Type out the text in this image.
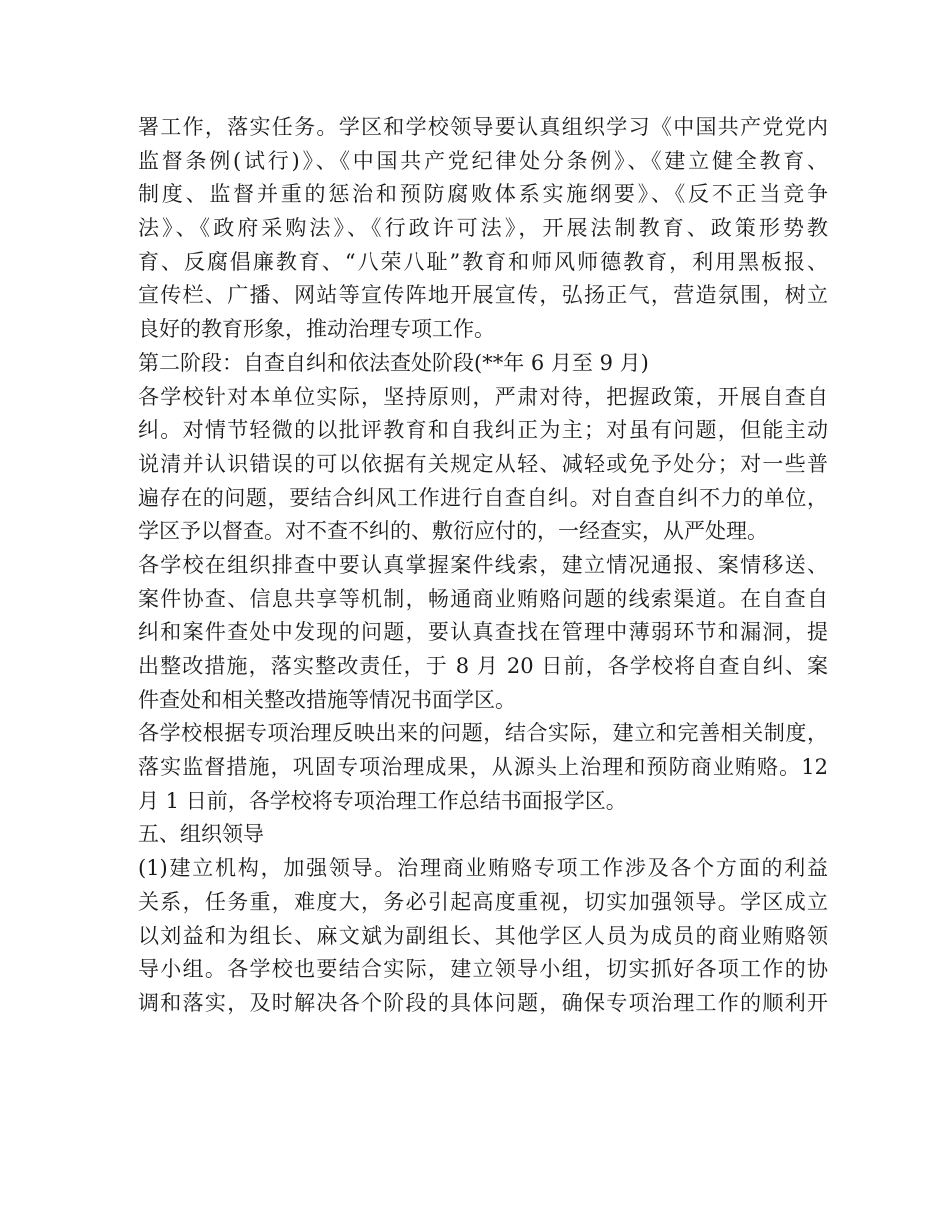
署工作，落实任务。学区和学校领导要认真组织学习《中国共产党党内
监督条例(试行)》、《中国共产党纪律处分条例》、《建立健全教育、
制度、监督并重的惩治和预防腐败体系实施纲要》、《反不正当竞争
法》、《政府采购法》、《行政许可法》，开展法制教育、政策形势教
育、反腐倡廉教育、“八荣八耻”教育和师风师德教育，利用黑板报、
宣传栏、广播、网站等宣传阵地开展宣传，弘扬正气，营造氛围，树立
良好的教育形象，推动治理专项工作。
第二阶段：自查自纠和依法查处阶段(**年 6 月至 9 月)
各学校针对本单位实际，坚持原则，严肃对待，把握政策，开展自查自
纠。对情节轻微的以批评教育和自我纠正为主；对虽有问题，但能主动
说清并认识错误的可以依据有关规定从轻、减轻或免予处分；对一些普
遍存在的问题，要结合纠风工作进行自查自纠。对自查自纠不力的单位，
学区予以督查。对不查不纠的、敷衍应付的，一经查实，从严处理。
各学校在组织排查中要认真掌握案件线索，建立情况通报、案情移送、
案件协查、信息共享等机制，畅通商业贿赂问题的线索渠道。在自查自
纠和案件查处中发现的问题，要认真查找在管理中薄弱环节和漏洞，提
出整改措施，落实整改责任，于 8 月 20 日前，各学校将自查自纠、案
件查处和相关整改措施等情况书面学区。
各学校根据专项治理反映出来的问题，结合实际，建立和完善相关制度，
落实监督措施，巩固专项治理成果，从源头上治理和预防商业贿赂。12
月 1 日前，各学校将专项治理工作总结书面报学区。
五、组织领导
(1)建立机构，加强领导。治理商业贿赂专项工作涉及各个方面的利益
关系，任务重，难度大，务必引起高度重视，切实加强领导。学区成立
以刘益和为组长、麻文斌为副组长、其他学区人员为成员的商业贿赂领
导小组。各学校也要结合实际，建立领导小组，切实抓好各项工作的协
调和落实，及时解决各个阶段的具体问题，确保专项治理工作的顺利开
